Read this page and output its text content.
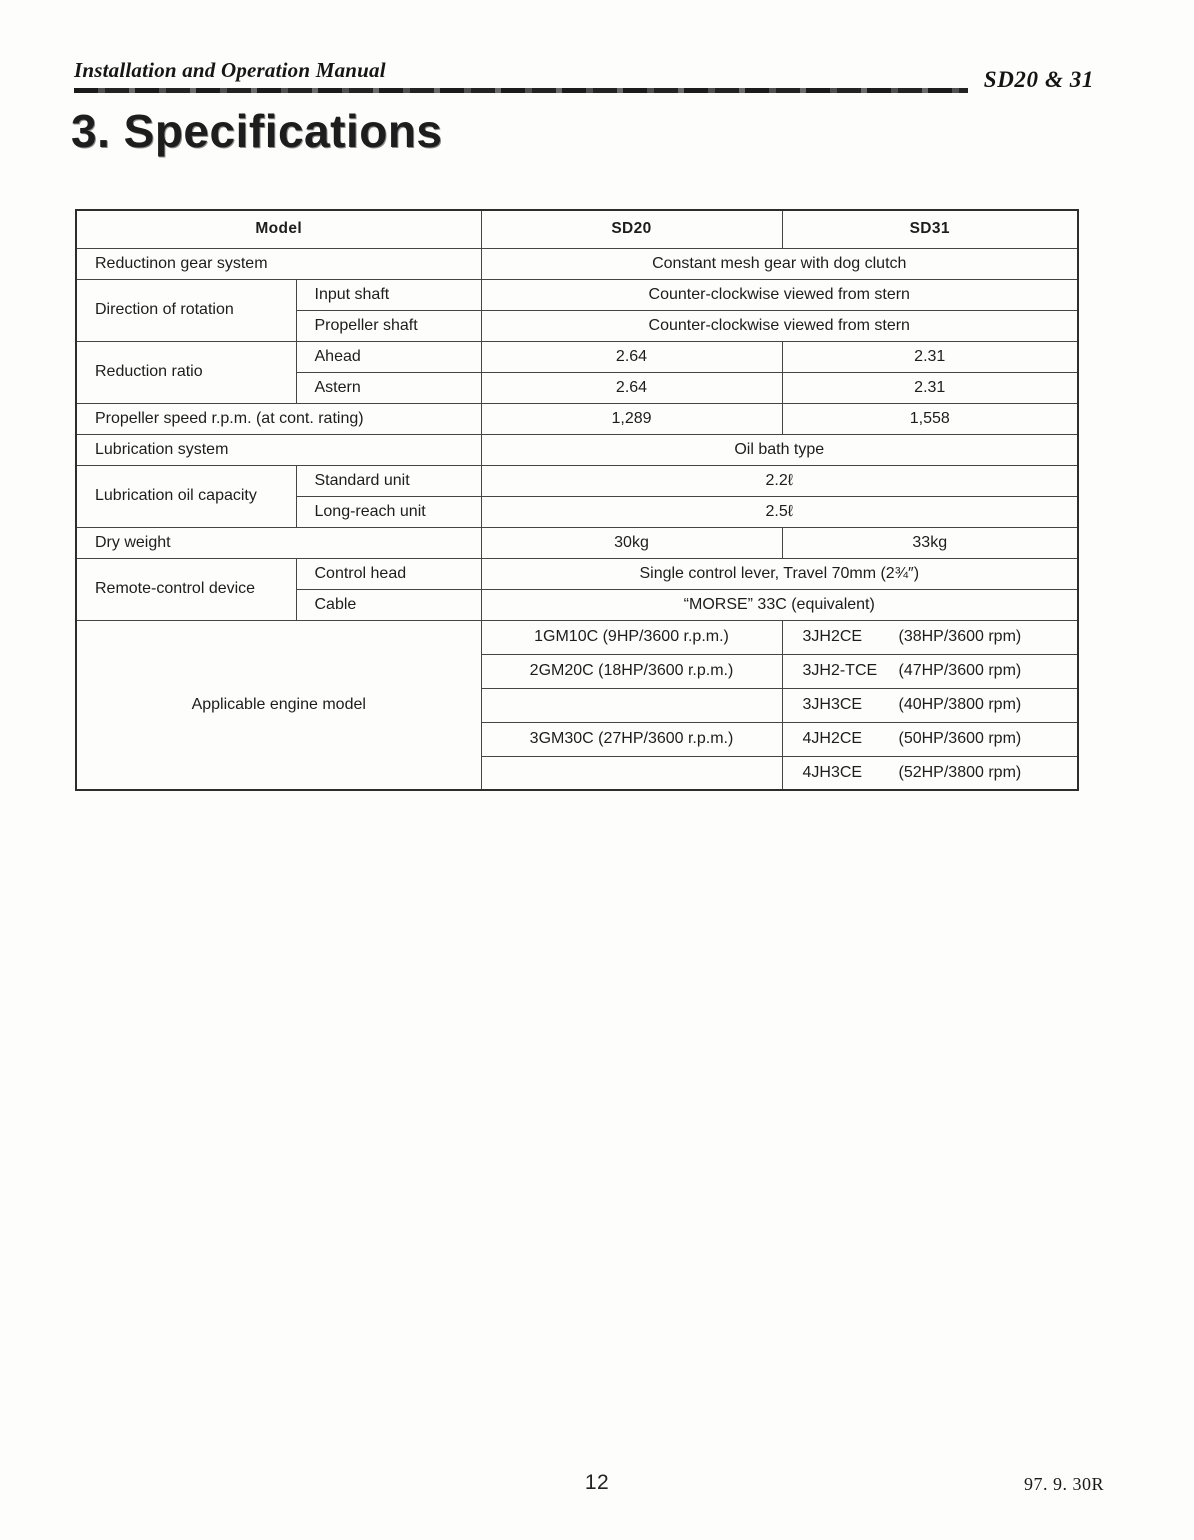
Installation and Operation Manual	SD20 & 31
3. Specifications
Model		SD20	SD31
Reductinon gear system		Constant mesh gear with dog clutch	
Direction of rotation	Input shaft	Counter-clockwise viewed from stern	
	Propeller shaft	Counter-clockwise viewed from stern	
Reduction ratio	Ahead	2.64	2.31
	Astern	2.64	2.31
Propeller speed r.p.m. (at cont. rating)		1,289	1,558
Lubrication system		Oil bath type	
Lubrication oil capacity	Standard unit	2.2ℓ	
	Long-reach unit	2.5ℓ	
Dry weight		30kg	33kg
Remote-control device	Control head	Single control lever, Travel 70mm (2¾″)	
	Cable	“MORSE” 33C (equivalent)	
Applicable engine model		1GM10C (9HP/3600 r.p.m.)	3JH2CE (38HP/3600 rpm)
		2GM20C (18HP/3600 r.p.m.)	3JH2-TCE (47HP/3600 rpm)
			3JH3CE (40HP/3800 rpm)
		3GM30C (27HP/3600 r.p.m.)	4JH2CE (50HP/3600 rpm)
			4JH3CE (52HP/3800 rpm)
12	97. 9. 30R
